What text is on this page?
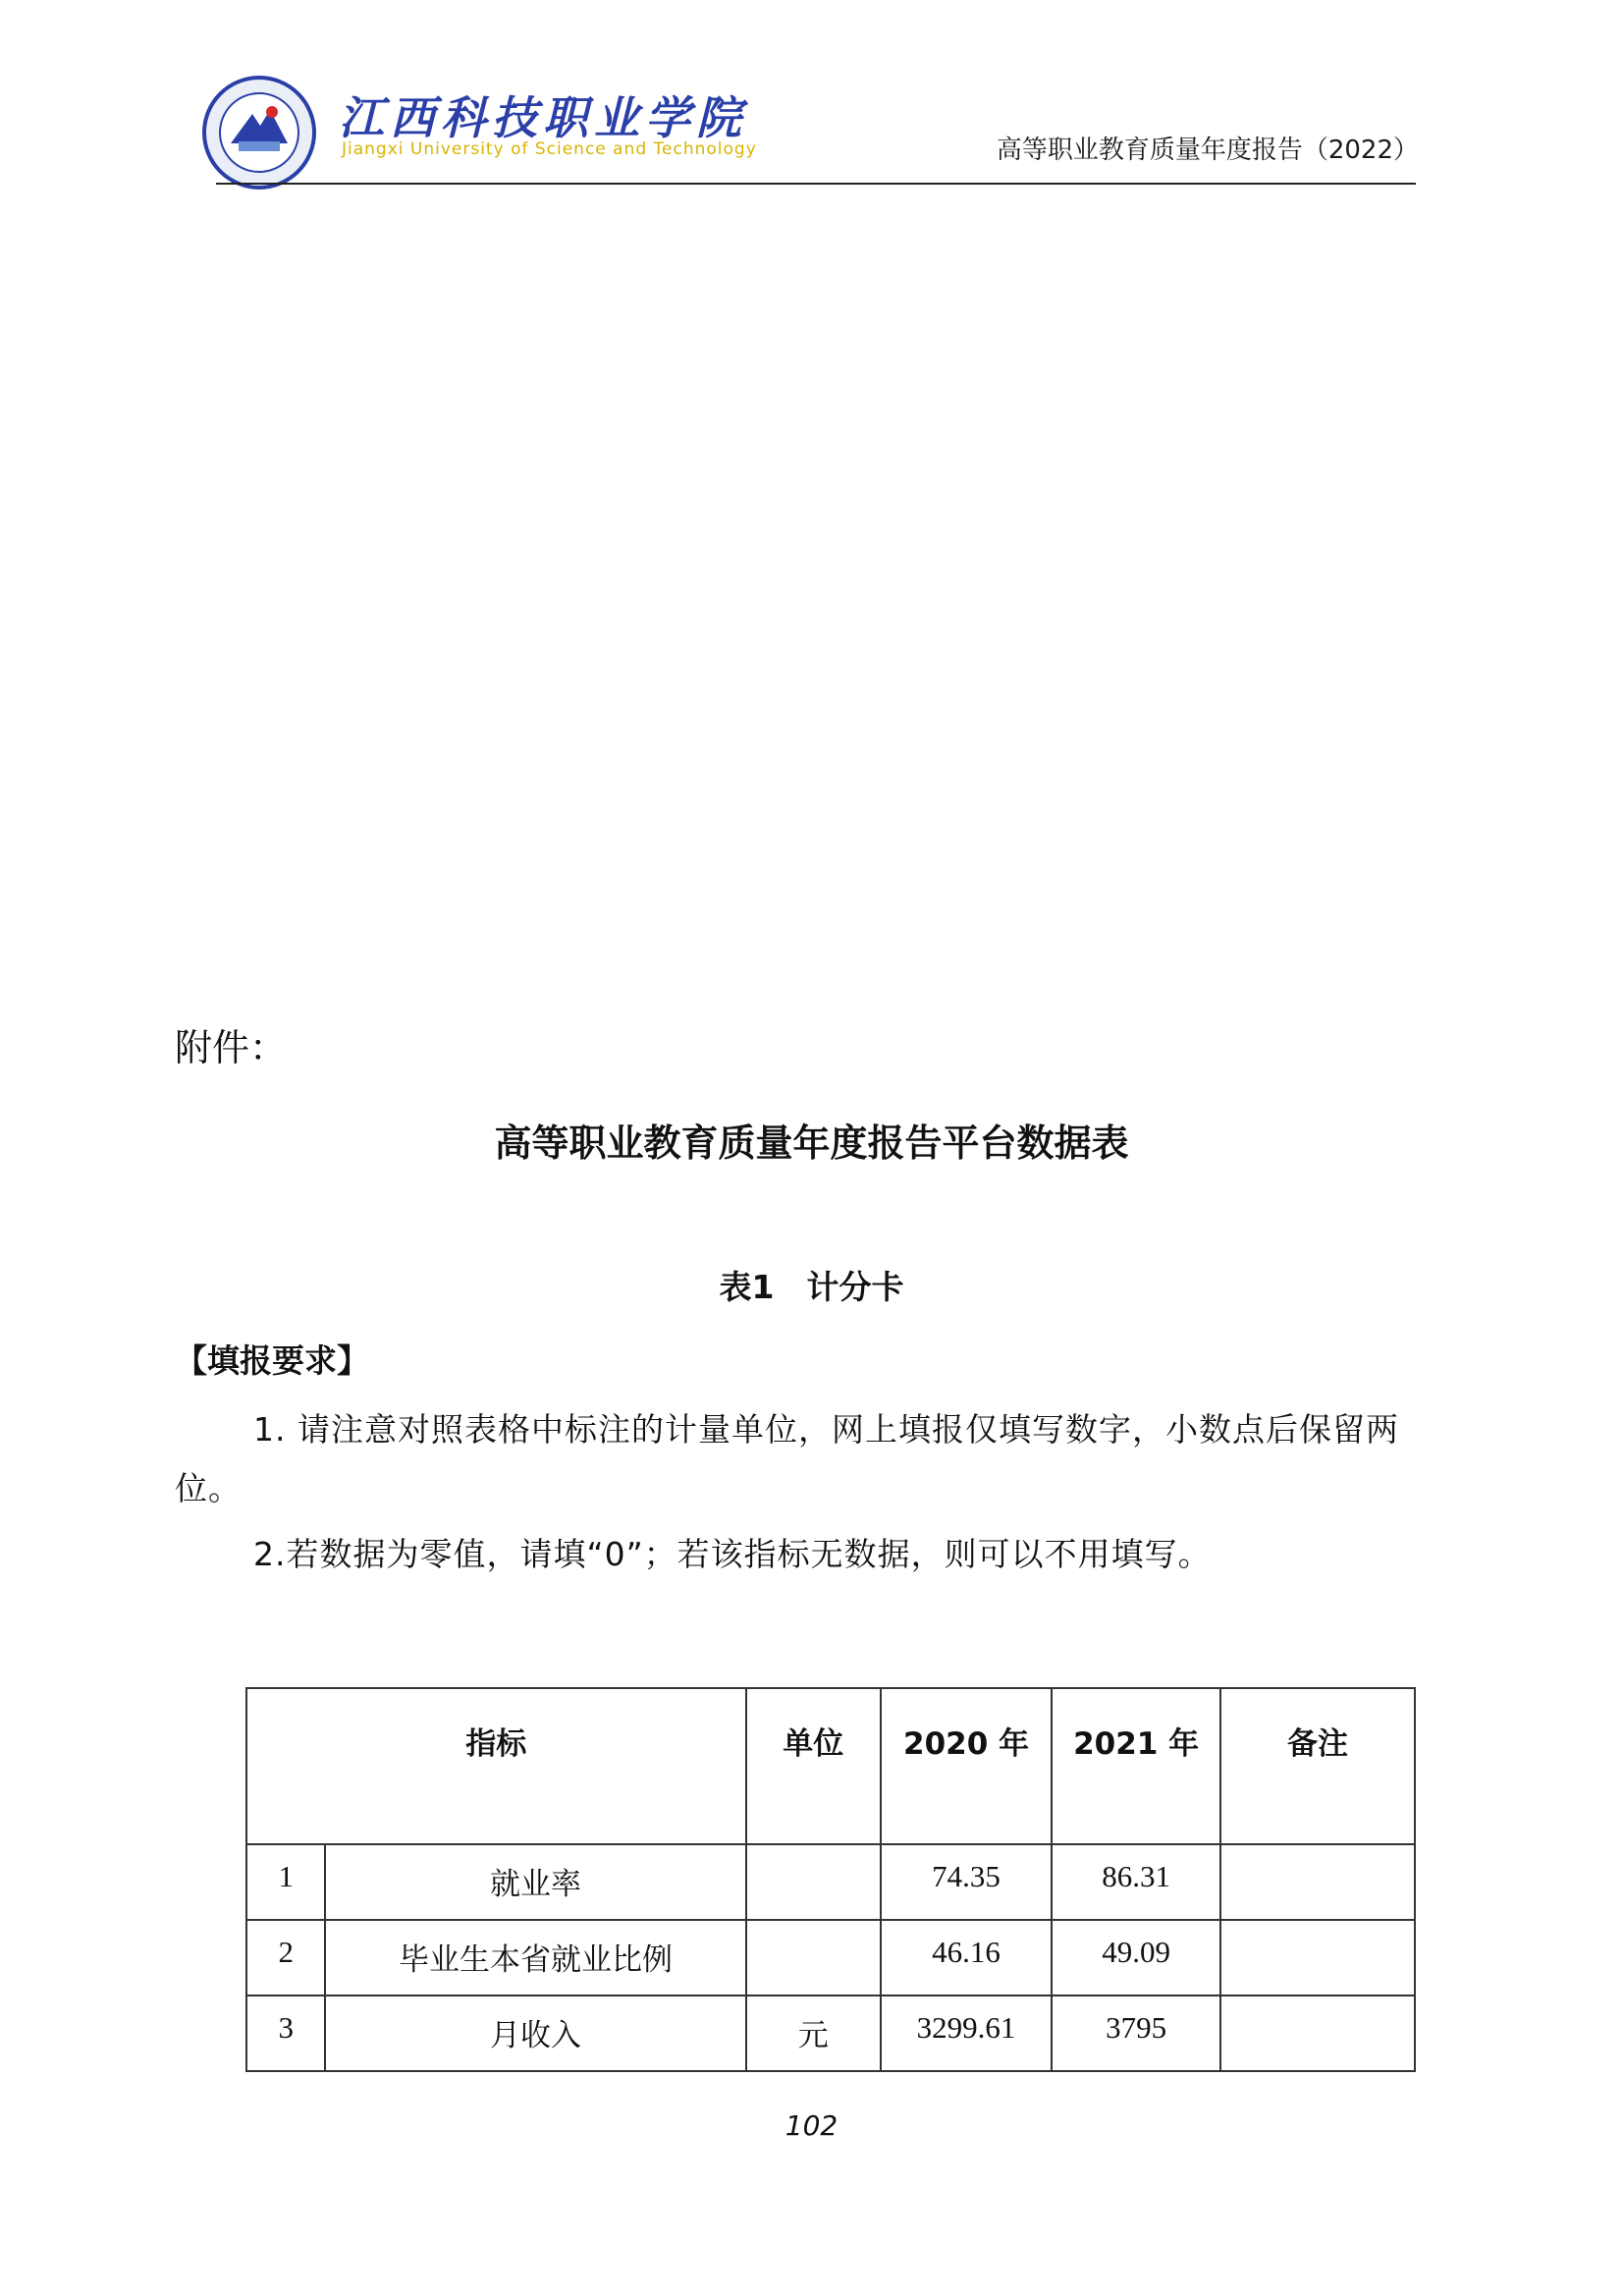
江西科技职业学院
Jiangxi University of Science and Technology	高等职业教育质量年度报告（2022）
附件：
高等职业教育质量年度报告平台数据表
表1　计分卡
【填报要求】
1. 请注意对照表格中标注的计量单位，网上填报仅填写数字，小数点后保留两位。
2.若数据为零值，请填“0”；若该指标无数据，则可以不用填写。
指标		单位	2020 年	2021 年	备注
1	就业率		74.35	86.31	
2	毕业生本省就业比例		46.16	49.09	
3	月收入	元	3299.61	3795	
102
